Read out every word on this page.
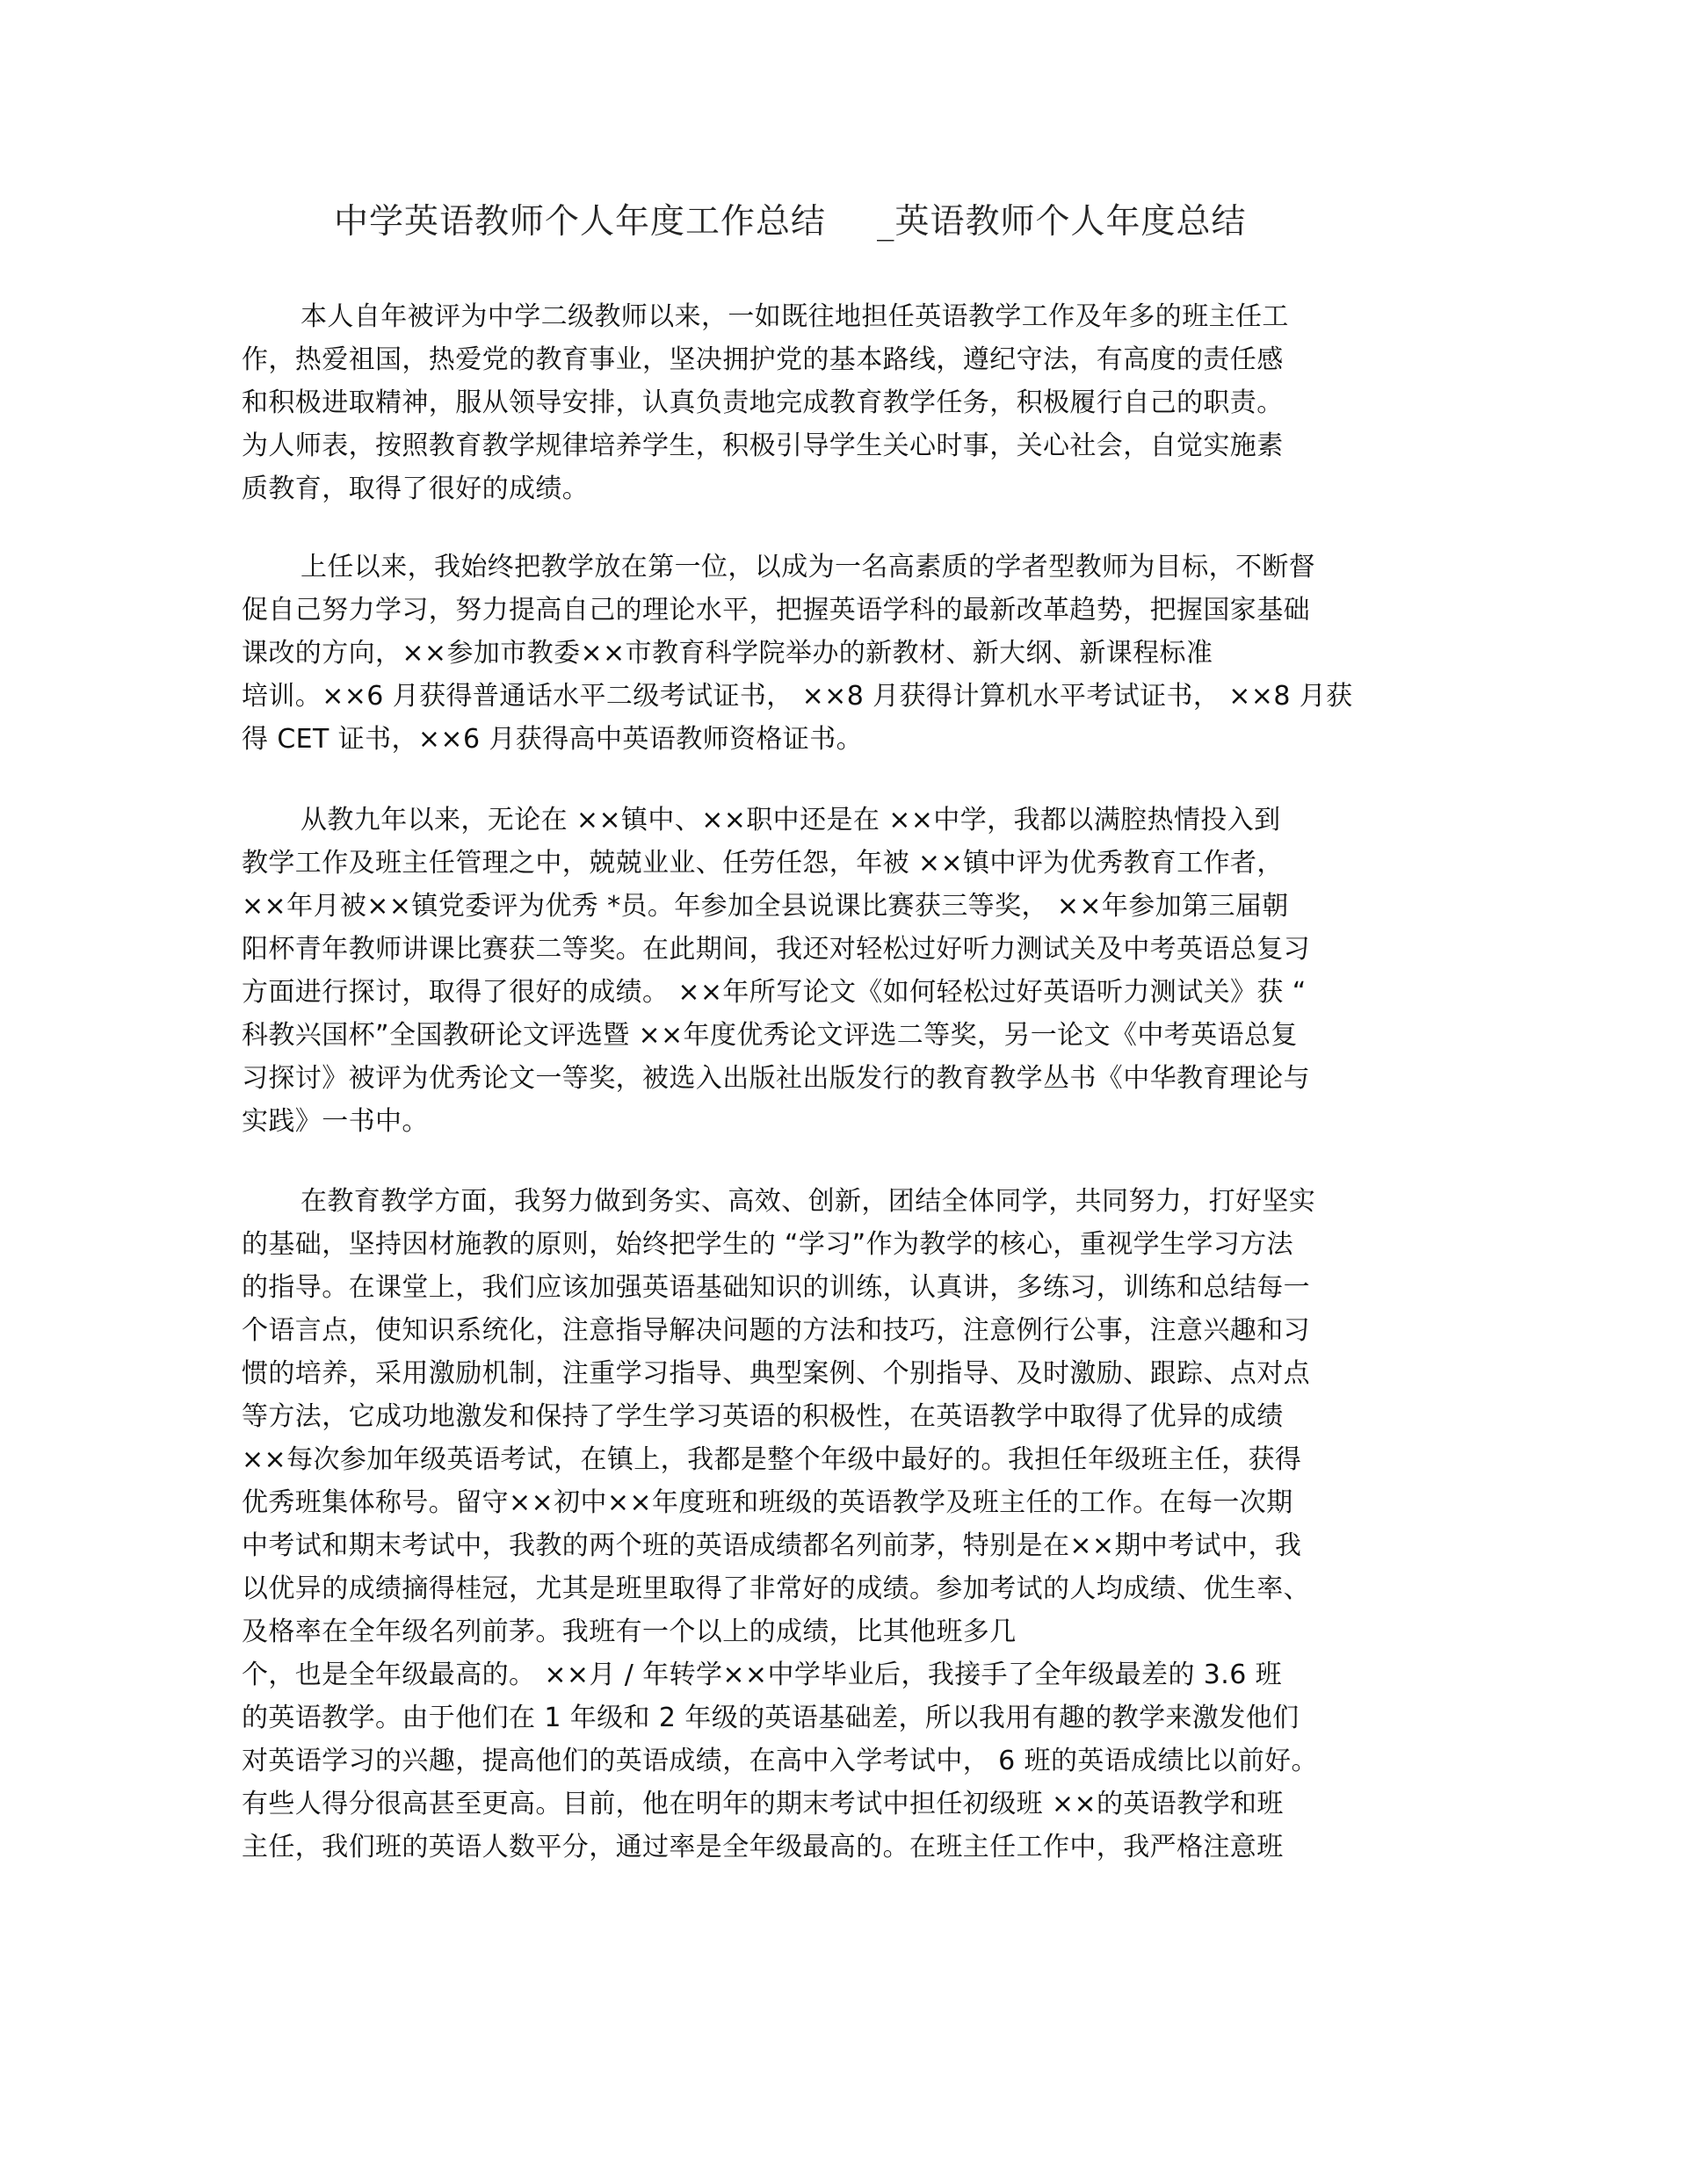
中学英语教师个人年度工作总结 _英语教师个人年度总结
本人自年被评为中学二级教师以来，一如既往地担任英语教学工作及年多的班主任工
作，热爱祖国，热爱党的教育事业，坚决拥护党的基本路线，遵纪守法，有高度的责任感
和积极进取精神，服从领导安排，认真负责地完成教育教学任务，积极履行自己的职责。
为人师表，按照教育教学规律培养学生，积极引导学生关心时事，关心社会，自觉实施素
质教育，取得了很好的成绩。
上任以来，我始终把教学放在第一位，以成为一名高素质的学者型教师为目标，不断督
促自己努力学习，努力提高自己的理论水平，把握英语学科的最新改革趋势，把握国家基础
课改的方向，××参加市教委××市教育科学院举办的新教材、新大纲、新课程标准
培训。××6 月获得普通话水平二级考试证书， ××8 月获得计算机水平考试证书， ××8 月获
得 CET 证书，××6 月获得高中英语教师资格证书。
从教九年以来，无论在 ××镇中、××职中还是在 ××中学，我都以满腔热情投入到
教学工作及班主任管理之中，兢兢业业、任劳任怨，年被 ××镇中评为优秀教育工作者，
××年月被××镇党委评为优秀 *员。年参加全县说课比赛获三等奖， ××年参加第三届朝
阳杯青年教师讲课比赛获二等奖。在此期间，我还对轻松过好听力测试关及中考英语总复习
方面进行探讨，取得了很好的成绩。 ××年所写论文《如何轻松过好英语听力测试关》获 “
科教兴国杯”全国教研论文评选暨 ××年度优秀论文评选二等奖，另一论文《中考英语总复
习探讨》被评为优秀论文一等奖，被选入出版社出版发行的教育教学丛书《中华教育理论与
实践》一书中。
在教育教学方面，我努力做到务实、高效、创新，团结全体同学，共同努力，打好坚实
的基础，坚持因材施教的原则，始终把学生的 “学习”作为教学的核心，重视学生学习方法
的指导。在课堂上，我们应该加强英语基础知识的训练，认真讲，多练习，训练和总结每一
个语言点，使知识系统化，注意指导解决问题的方法和技巧，注意例行公事，注意兴趣和习
惯的培养，采用激励机制，注重学习指导、典型案例、个别指导、及时激励、跟踪、点对点
等方法，它成功地激发和保持了学生学习英语的积极性，在英语教学中取得了优异的成绩
××每次参加年级英语考试，在镇上，我都是整个年级中最好的。我担任年级班主任，获得
优秀班集体称号。留守××初中××年度班和班级的英语教学及班主任的工作。在每一次期
中考试和期末考试中，我教的两个班的英语成绩都名列前茅，特别是在××期中考试中，我
以优异的成绩摘得桂冠，尤其是班里取得了非常好的成绩。参加考试的人均成绩、优生率、
及格率在全年级名列前茅。我班有一个以上的成绩，比其他班多几
个，也是全年级最高的。 ××月 / 年转学××中学毕业后，我接手了全年级最差的 3.6 班
的英语教学。由于他们在 1 年级和 2 年级的英语基础差，所以我用有趣的教学来激发他们
对英语学习的兴趣，提高他们的英语成绩，在高中入学考试中， 6 班的英语成绩比以前好。
有些人得分很高甚至更高。目前，他在明年的期末考试中担任初级班 ××的英语教学和班
主任，我们班的英语人数平分，通过率是全年级最高的。在班主任工作中，我严格注意班
